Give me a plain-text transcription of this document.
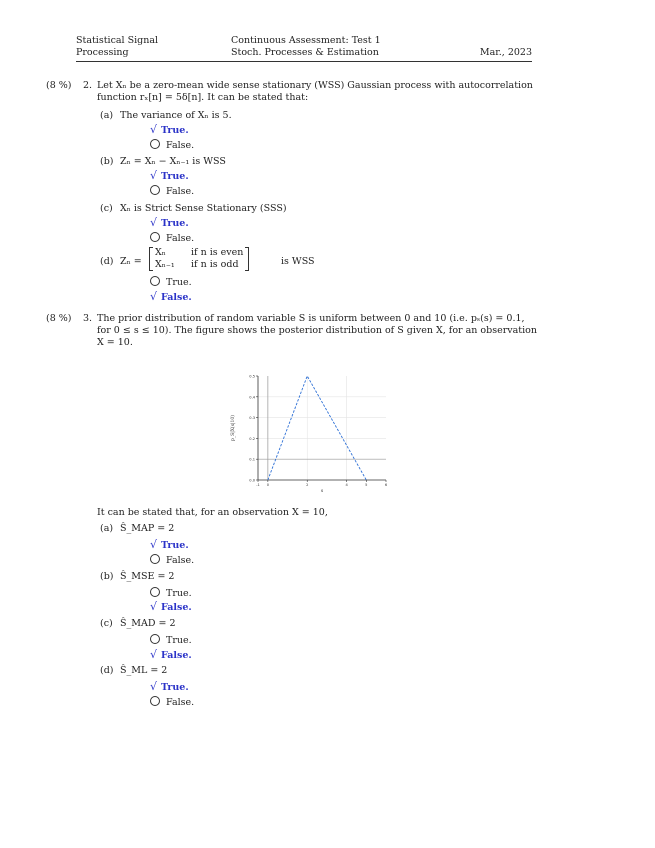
Statistical Signal
Processing
Continuous Assessment: Test 1
Stoch. Processes & Estimation	Mar., 2023
(8 %) 2. Let Xₙ be a zero-mean wide sense stationary (WSS) Gaussian process with autocorrelation
function rₓ[n] = 5δ[n]. It can be stated that:
(a) The variance of Xₙ is 5.
√ True.
False.
(b) Zₙ = Xₙ − Xₙ₋₁ is WSS
√ True.
False.
(c) Xₙ is Strict Sense Stationary (SSS)
√ True.
False.
(d) Zₙ =
Xₙ	if n is even
Xₙ₋₁ if n is odd	is WSS
True.
√ False.
(8 %) 3. The prior distribution of random variable S is uniform between 0 and 10 (i.e. pₛ(s) = 0.1,
for 0 ≤ s ≤ 10). The figure shows the posterior distribution of S given X, for an observation
X = 10.
0.0
0.1
0.2
0.3
0.4
0.5
-1 0	2	4	5	6
s
p_S|X(s|10)
It can be stated that, for an observation X = 10,
(a) Ŝ_MAP = 2
√ True.
False.
(b) Ŝ_MSE = 2
True.
√ False.
(c) Ŝ_MAD = 2
True.
√ False.
(d) Ŝ_ML = 2
√ True.
False.
